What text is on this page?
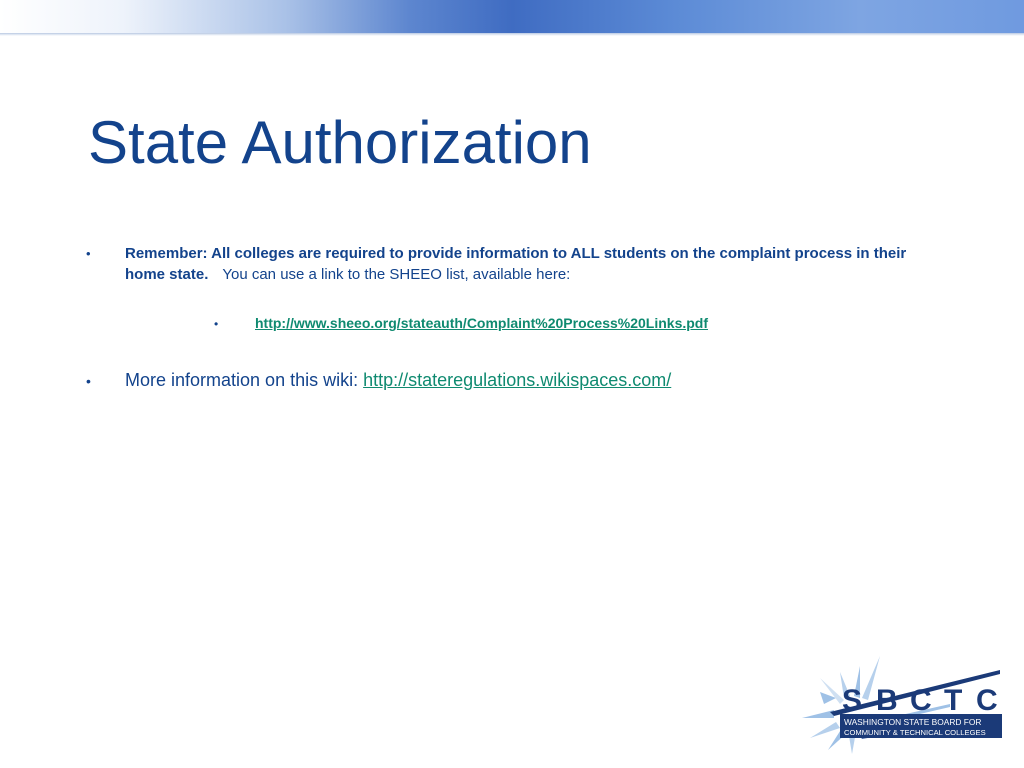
State Authorization
• Remember: All colleges are required to provide information to ALL students on the complaint process in their home state. You can use a link to the SHEEO list, available here:
•	http://www.sheeo.org/stateauth/Complaint%20Process%20Links.pdf
• More information on this wiki: http://stateregulations.wikispaces.com/
S B C T C
WASHINGTON STATE BOARD FOR
COMMUNITY & TECHNICAL COLLEGES
